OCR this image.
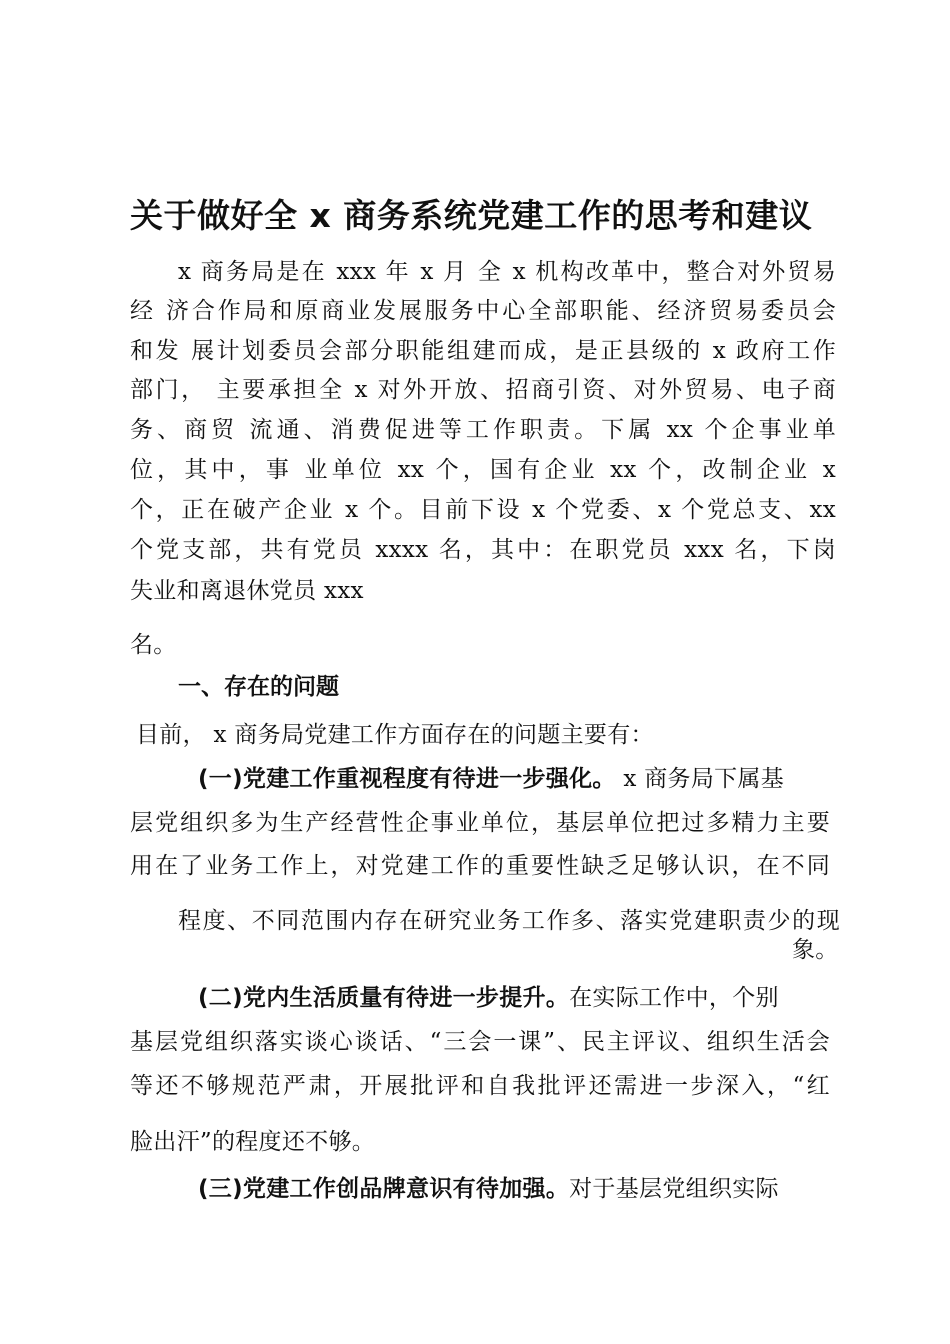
关于做好全 x 商务系统党建工作的思考和建议
x 商务局是在 xxx 年 x 月 全 x 机构改革中，整合对外贸易
经 济合作局和原商业发展服务中心全部职能、经济贸易委员会
和发 展计划委员会部分职能组建而成，是正县级的 x 政府工作
部门， 主要承担全 x 对外开放、招商引资、对外贸易、电子商
务、商贸 流通、消费促进等工作职责。下属 xx 个企事业单
位，其中，事 业单位 xx 个，国有企业 xx 个，改制企业 x
个，正在破产企业 x 个。目前下设 x 个党委、x 个党总支、xx
个党支部，共有党员 xxxx 名，其中：在职党员 xxx 名，下岗
失业和离退休党员 xxx
名。
一、存在的问题
目前， x 商务局党建工作方面存在的问题主要有：
(一)党建工作重视程度有待进一步强化。 x 商务局下属基
层党组织多为生产经营性企事业单位，基层单位把过多精力主要
用在了业务工作上，对党建工作的重要性缺乏足够认识，在不同
程度、不同范围内存在研究业务工作多、落实党建职责少的现
象。
(二)党内生活质量有待进一步提升。在实际工作中，个别
基层党组织落实谈心谈话、“三会一课”、民主评议、组织生活会
等还不够规范严肃，开展批评和自我批评还需进一步深入，“红
脸出汗”的程度还不够。
(三)党建工作创品牌意识有待加强。对于基层党组织实际
